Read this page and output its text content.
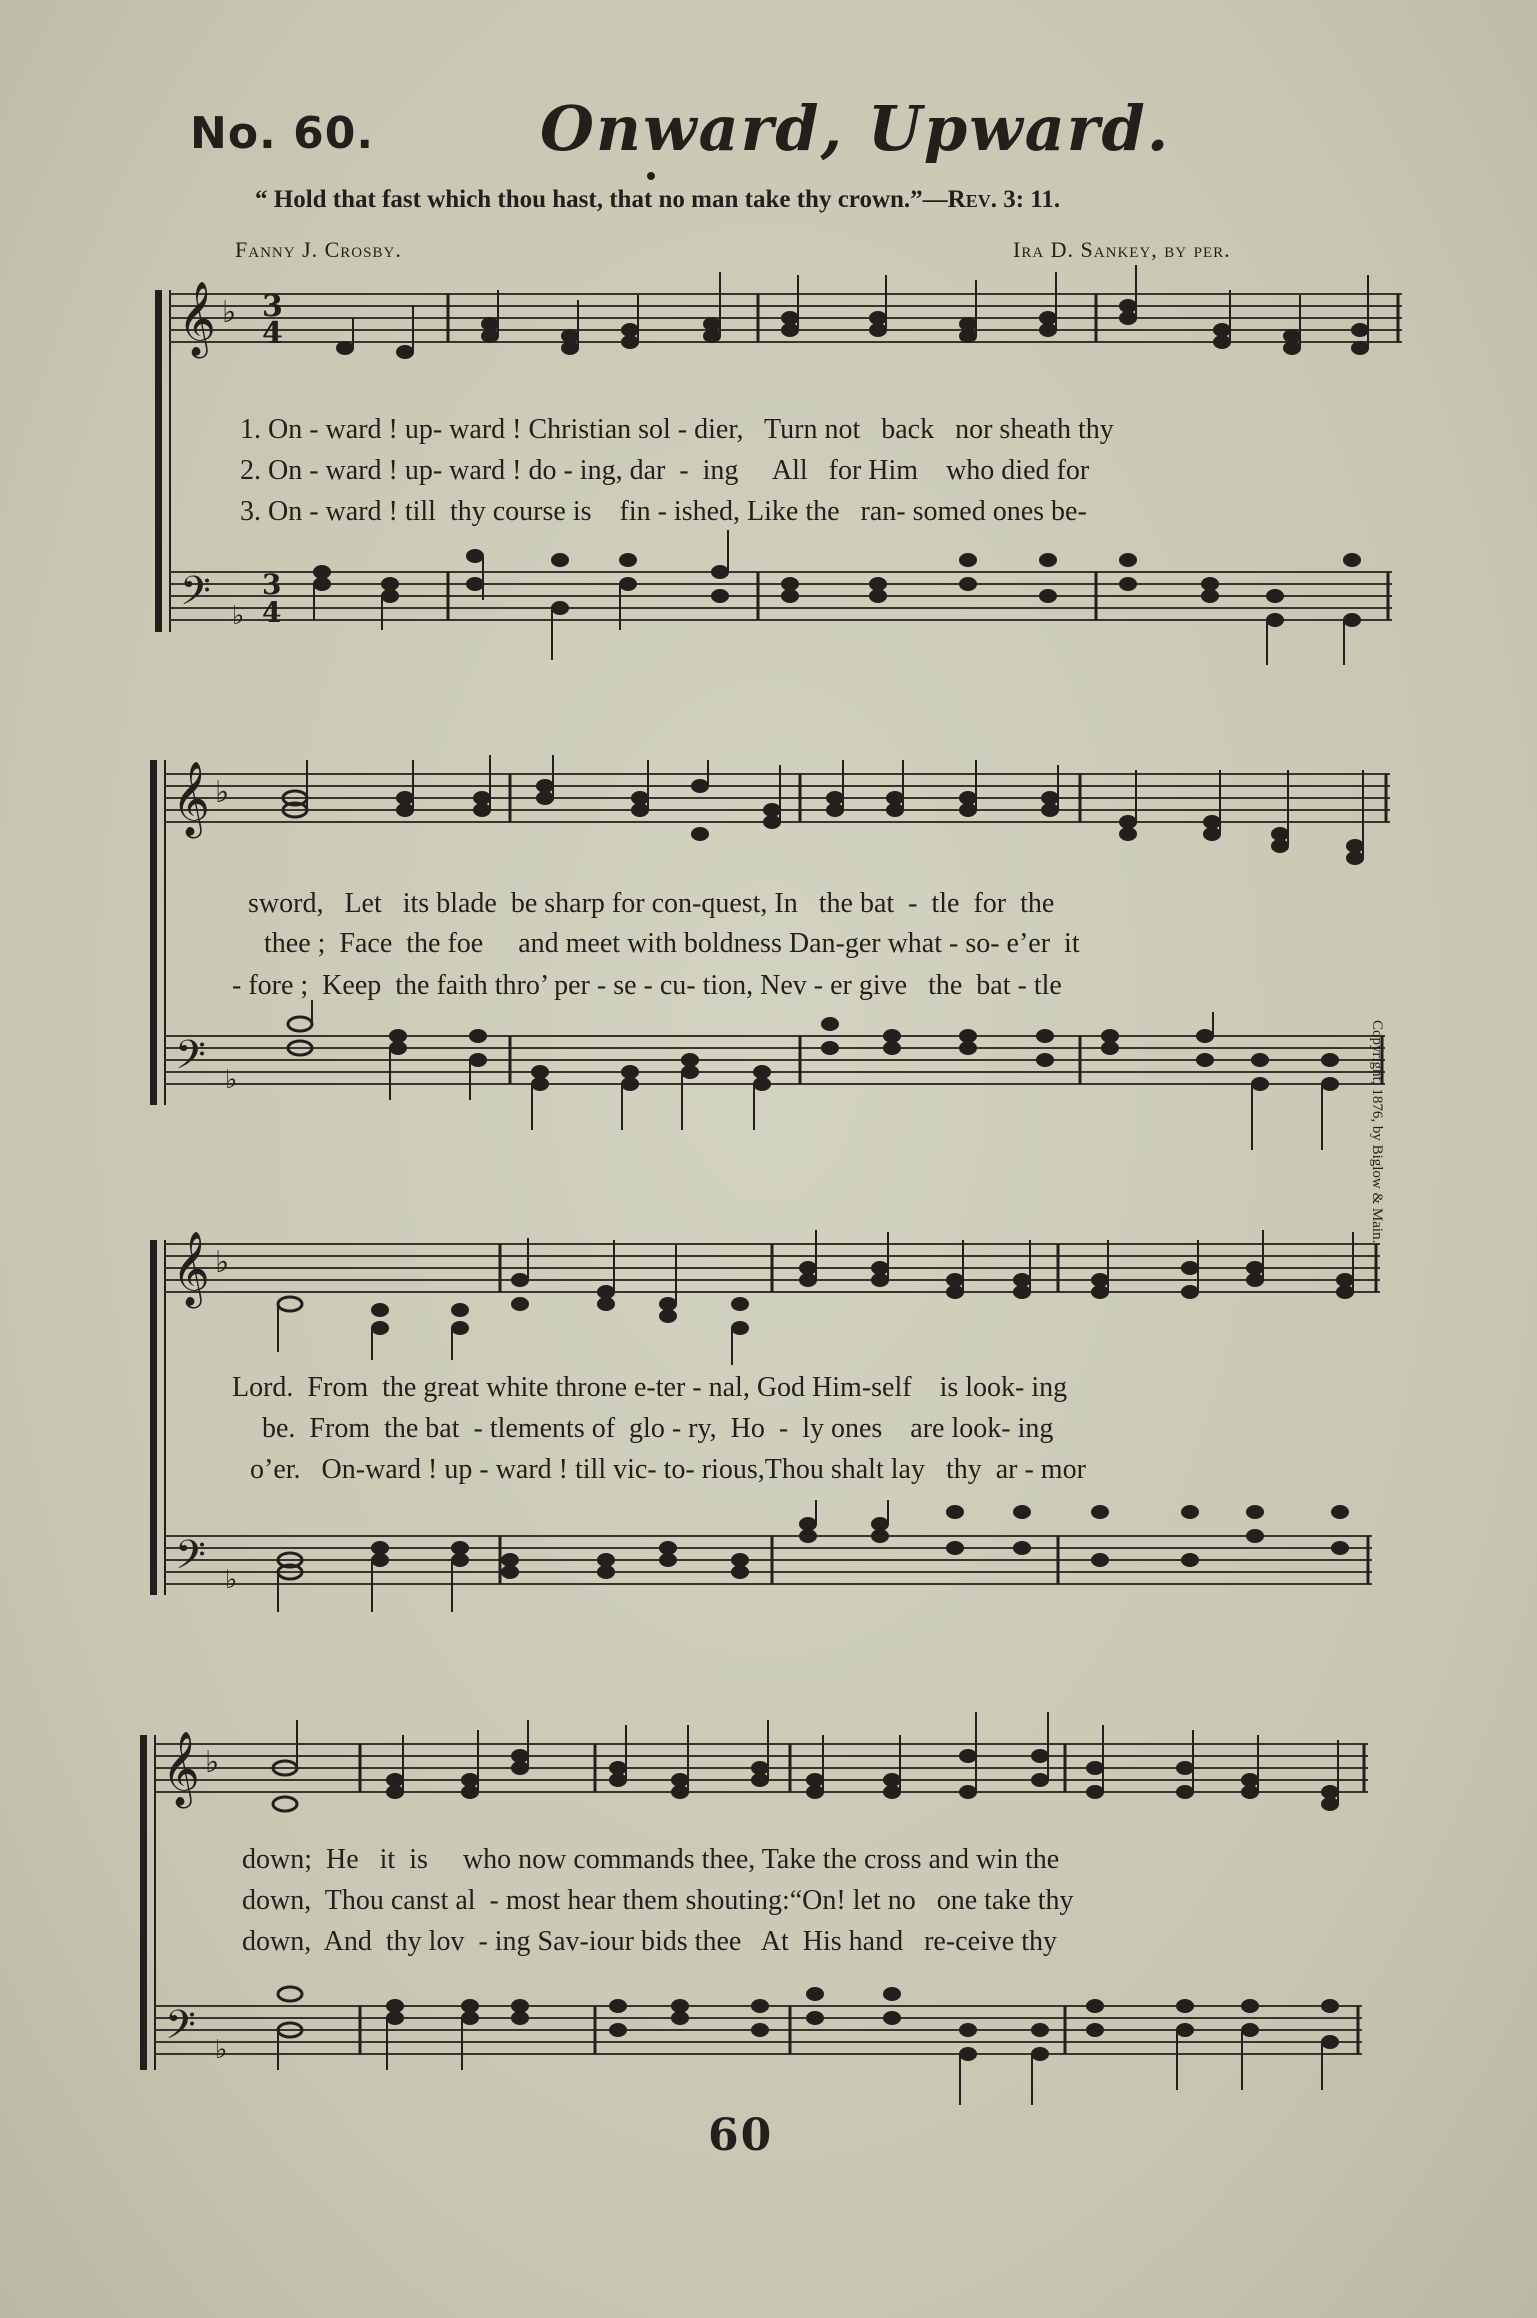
No. 60.	Onward, Upward.
“ Hold that fast which thou hast, that no man take thy crown.”—Rev. 3: 11.
Fanny J. Crosby.	Ira D. Sankey, by per.
𝄞 ♭ 3
4
𝄢 ♭
3
4
1. On - ward ! up- ward ! Christian sol - dier,   Turn not   back   nor sheath thy
2. On - ward ! up- ward ! do - ing, dar  -  ing     All   for Him    who died for
3. On - ward ! till  thy course is    fin - ished, Like the   ran- somed ones be-
𝄞 ♭
𝄢 ♭
sword,   Let   its blade  be sharp for con-quest, In   the bat  -  tle  for  the
thee ;  Face  the foe     and meet with boldness Dan-ger what - so- e’er  it
- fore ;  Keep  the faith thro’ per - se - cu- tion, Nev - er give   the  bat - tle
Copyright, 1876, by Biglow & Main.
𝄞 ♭
𝄢 ♭
Lord.  From  the great white throne e-ter - nal, God Him-self    is look- ing
be.  From  the bat  - tlements of  glo - ry,  Ho  -  ly ones    are look- ing
o’er.   On-ward ! up - ward ! till vic- to- rious,Thou shalt lay   thy  ar - mor
𝄞 ♭
𝄢 ♭
down;  He   it  is     who now commands thee, Take the cross and win the
down,  Thou canst al  - most hear them shouting:“On! let no   one take thy
down,  And  thy lov  - ing Sav-iour bids thee   At  His hand   re-ceive thy
60
